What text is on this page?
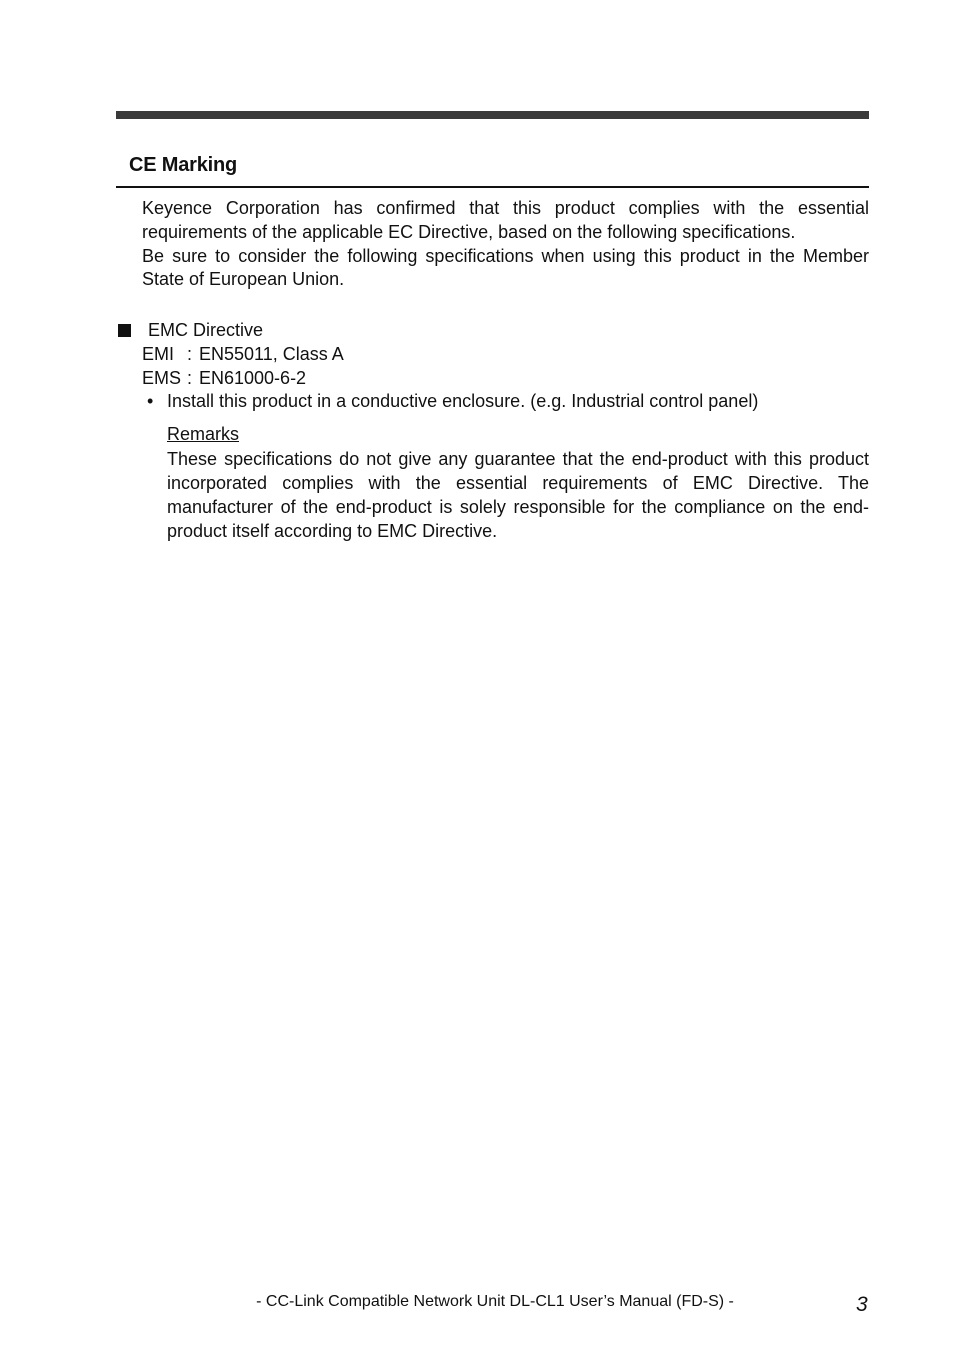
CE Marking

Keyence Corporation has confirmed that this product complies with the essential requirements of the applicable EC Directive, based on the following specifications.

Be sure to consider the following specifications when using this product in the Member State of European Union.

EMC Directive
EMI : EN55011, Class A
EMS : EN61000-6-2
• Install this product in a conductive enclosure. (e.g. Industrial control panel)
Remarks

These specifications do not give any guarantee that the end-product with this product incorporated complies with the essential requirements of EMC Directive. The manufacturer of the end-product is solely responsible for the compliance on the end-product itself according to EMC Directive.

- CC-Link Compatible Network Unit DL-CL1 User’s Manual (FD-S) -	3
